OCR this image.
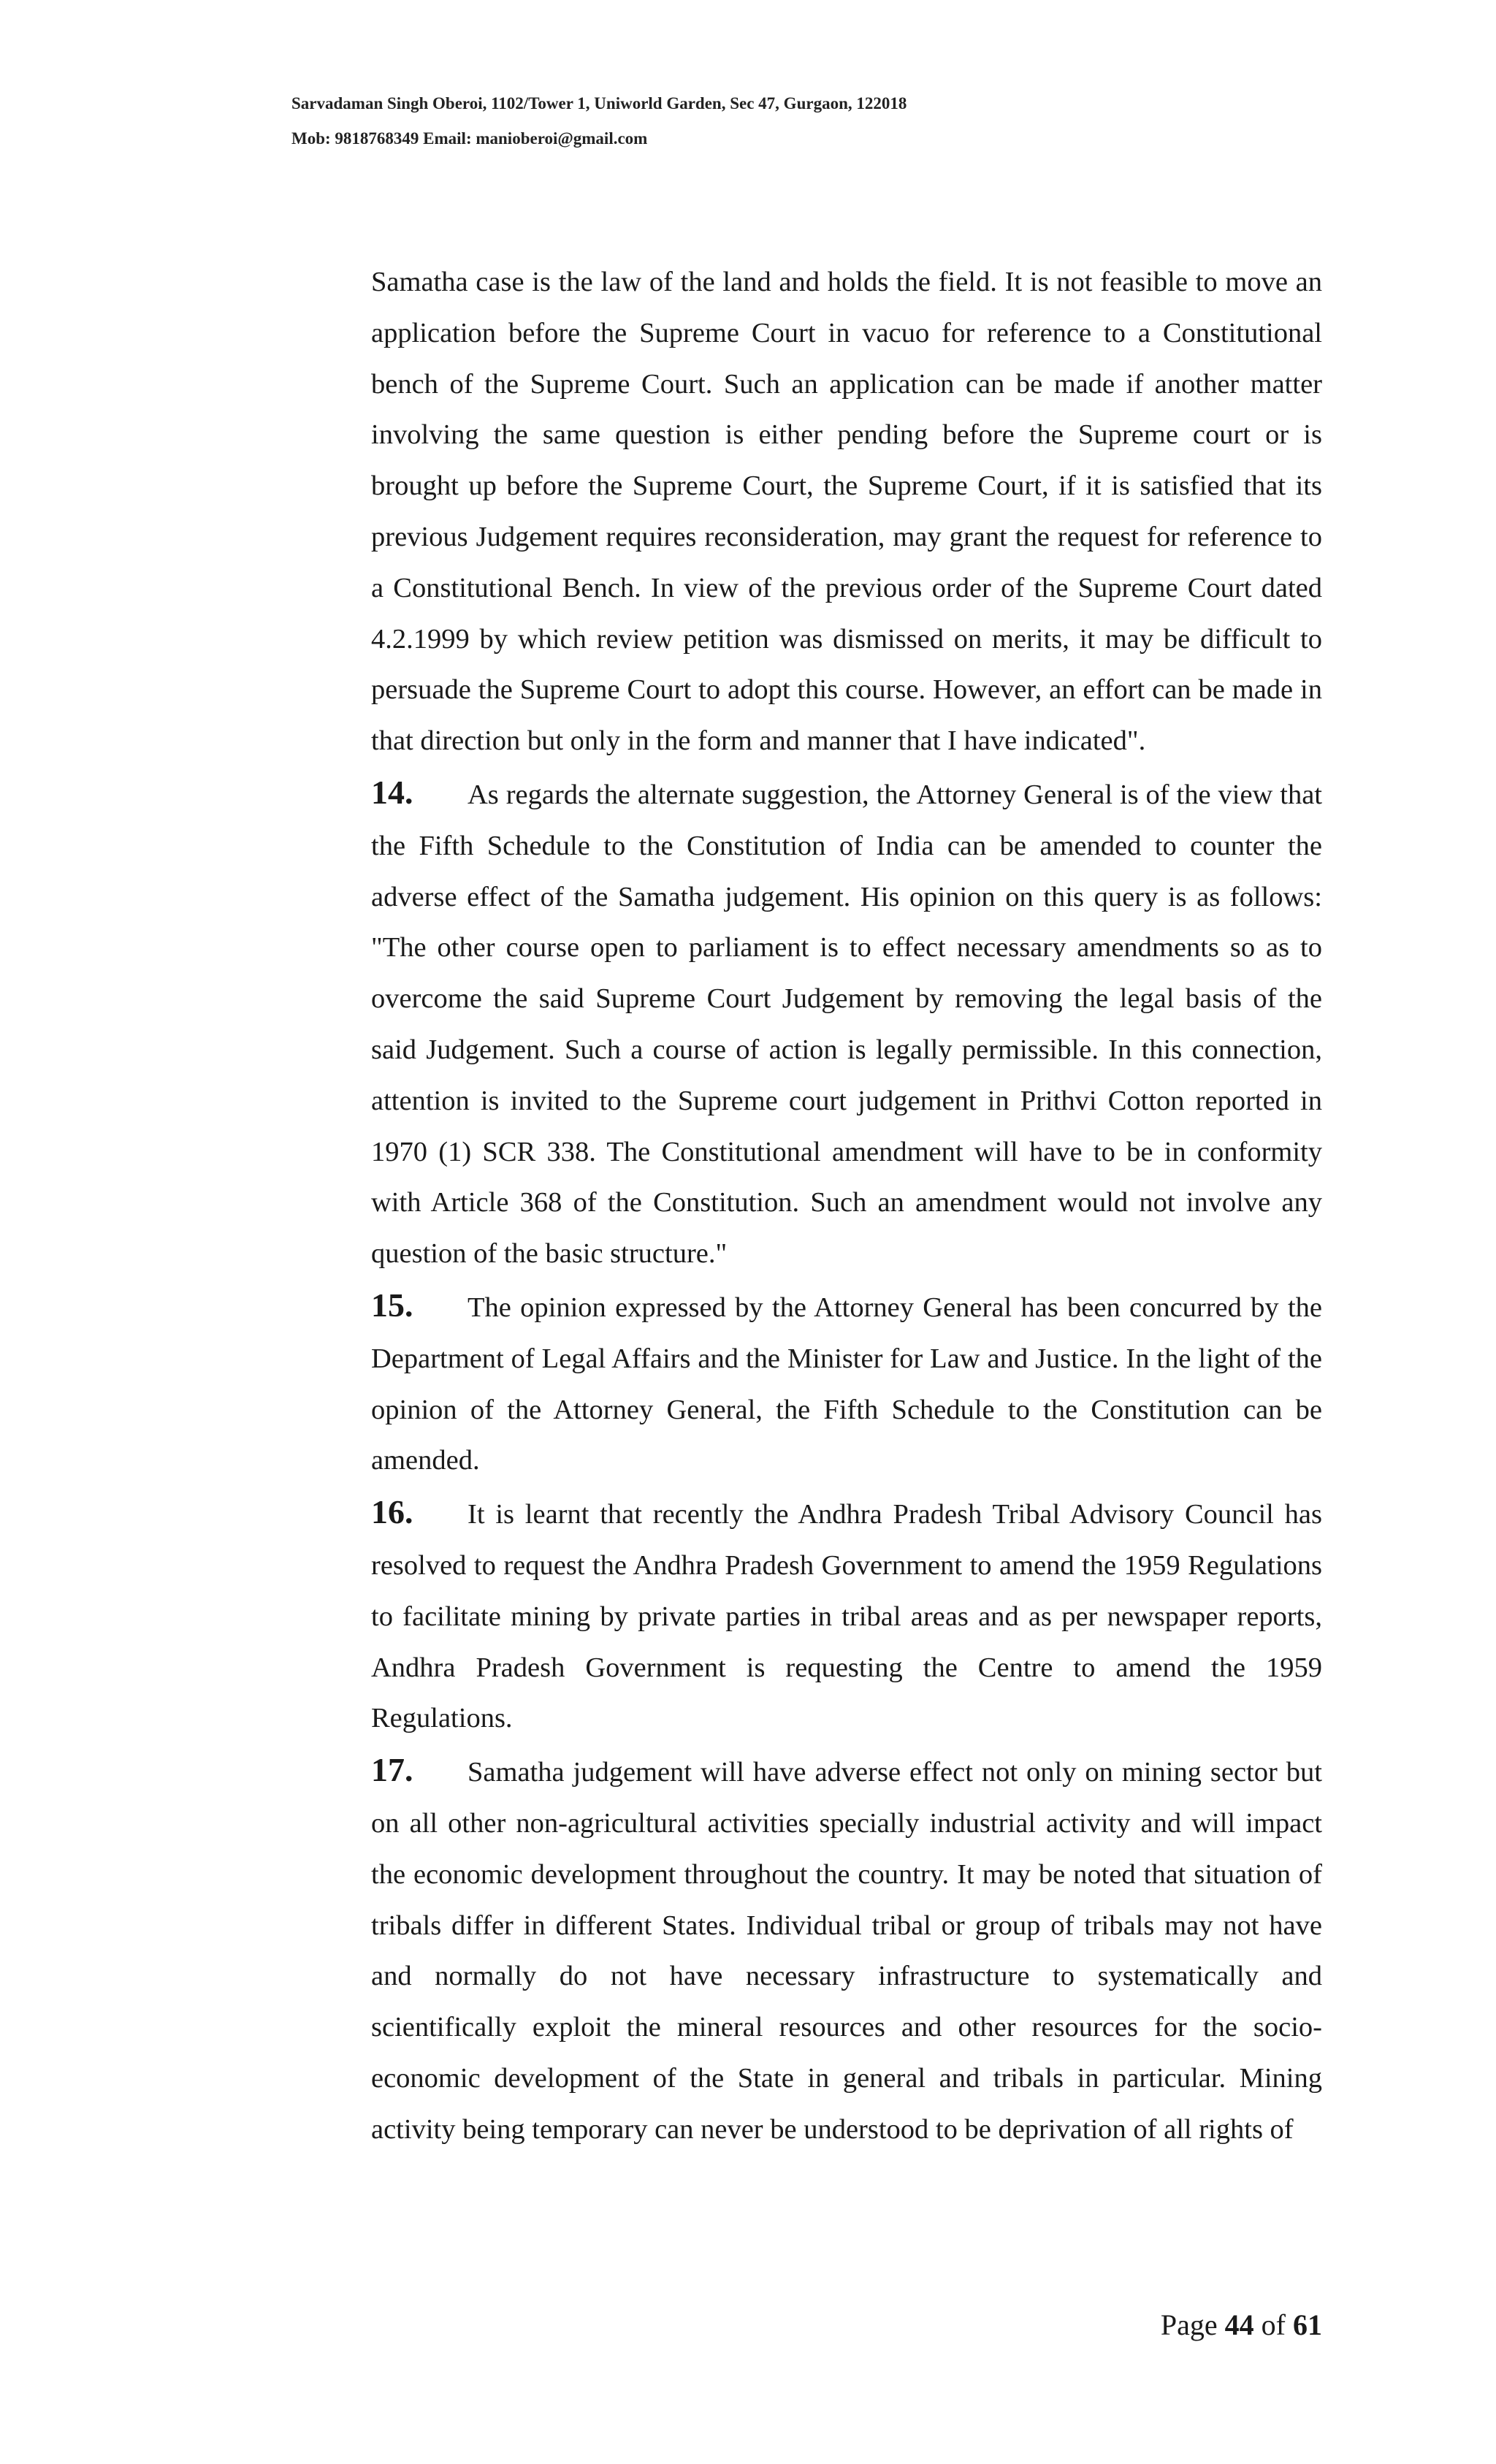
Sarvadaman Singh Oberoi, 1102/Tower 1, Uniworld Garden, Sec 47, Gurgaon, 122018
Mob: 9818768349 Email: manioberoi@gmail.com

Samatha case is the law of the land and holds the field. It is not feasible to move an application before the Supreme Court in vacuo for reference to a Constitutional bench of the Supreme Court. Such an application can be made if another matter involving the same question is either pending before the Supreme court or is brought up before the Supreme Court, the Supreme Court, if it is satisfied that its previous Judgement requires reconsideration, may grant the request for reference to a Constitutional Bench. In view of the previous order of the Supreme Court dated 4.2.1999 by which review petition was dismissed on merits, it may be difficult to persuade the Supreme Court to adopt this course. However, an effort can be made in that direction but only in the form and manner that I have indicated".

14. As regards the alternate suggestion, the Attorney General is of the view that the Fifth Schedule to the Constitution of India can be amended to counter the adverse effect of the Samatha judgement. His opinion on this query is as follows: "The other course open to parliament is to effect necessary amendments so as to overcome the said Supreme Court Judgement by removing the legal basis of the said Judgement. Such a course of action is legally permissible. In this connection, attention is invited to the Supreme court judgement in Prithvi Cotton reported in 1970 (1) SCR 338. The Constitutional amendment will have to be in conformity with Article 368 of the Constitution. Such an amendment would not involve any question of the basic structure."

15. The opinion expressed by the Attorney General has been concurred by the Department of Legal Affairs and the Minister for Law and Justice. In the light of the opinion of the Attorney General, the Fifth Schedule to the Constitution can be amended.

16. It is learnt that recently the Andhra Pradesh Tribal Advisory Council has resolved to request the Andhra Pradesh Government to amend the 1959 Regulations to facilitate mining by private parties in tribal areas and as per newspaper reports, Andhra Pradesh Government is requesting the Centre to amend the 1959 Regulations.

17. Samatha judgement will have adverse effect not only on mining sector but on all other non-agricultural activities specially industrial activity and will impact the economic development throughout the country. It may be noted that situation of tribals differ in different States. Individual tribal or group of tribals may not have and normally do not have necessary infrastructure to systematically and scientifically exploit the mineral resources and other resources for the socio-economic development of the State in general and tribals in particular. Mining activity being temporary can never be understood to be deprivation of all rights of

Page 44 of 61
